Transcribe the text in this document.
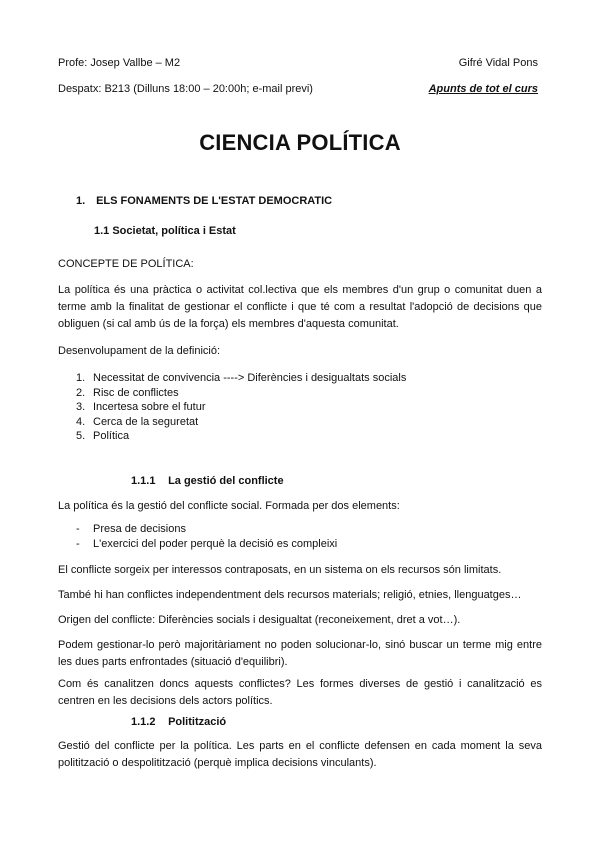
Profe: Josep Vallbe – M2	Gifré Vidal Pons
Despatx: B213 (Dilluns 18:00 – 20:00h; e-mail previ)	Apunts de tot el curs
CIENCIA POLÍTICA
1. ELS FONAMENTS DE L'ESTAT DEMOCRATIC
1.1 Societat, política i Estat
CONCEPTE DE POLÍTICA:
La política és una pràctica o activitat col.lectiva que els membres d'un grup o comunitat duen a terme amb la finalitat de gestionar el conflicte i que té com a resultat l'adopció de decisions que obliguen (si cal amb ús de la força) els membres d'aquesta comunitat.
Desenvolupament de la definició:
1. Necessitat de convivencia ----> Diferències i desigualtats socials
2. Risc de conflictes
3. Incertesa sobre el futur
4. Cerca de la seguretat
5. Política
1.1.1 La gestió del conflicte
La política és la gestió del conflicte social. Formada per dos elements:
-	Presa de decisions
-	L'exercici del poder perquè la decisió es compleixi
El conflicte sorgeix per interessos contraposats, en un sistema on els recursos són limitats.
També hi han conflictes independentment dels recursos materials; religió, etnies, llenguatges…
Origen del conflicte: Diferències socials i desigualtat (reconeixement, dret a vot…).
Podem gestionar-lo però majoritàriament no poden solucionar-lo, sinó buscar un terme mig entre les dues parts enfrontades (situació d'equilibri).
Com és canalitzen doncs aquests conflictes? Les formes diverses de gestió i canalització es centren en les decisions dels actors polítics.
1.1.2 Politització
Gestió del conflicte per la política. Les parts en el conflicte defensen en cada moment la seva politització o despolitització (perquè implica decisions vinculants).
